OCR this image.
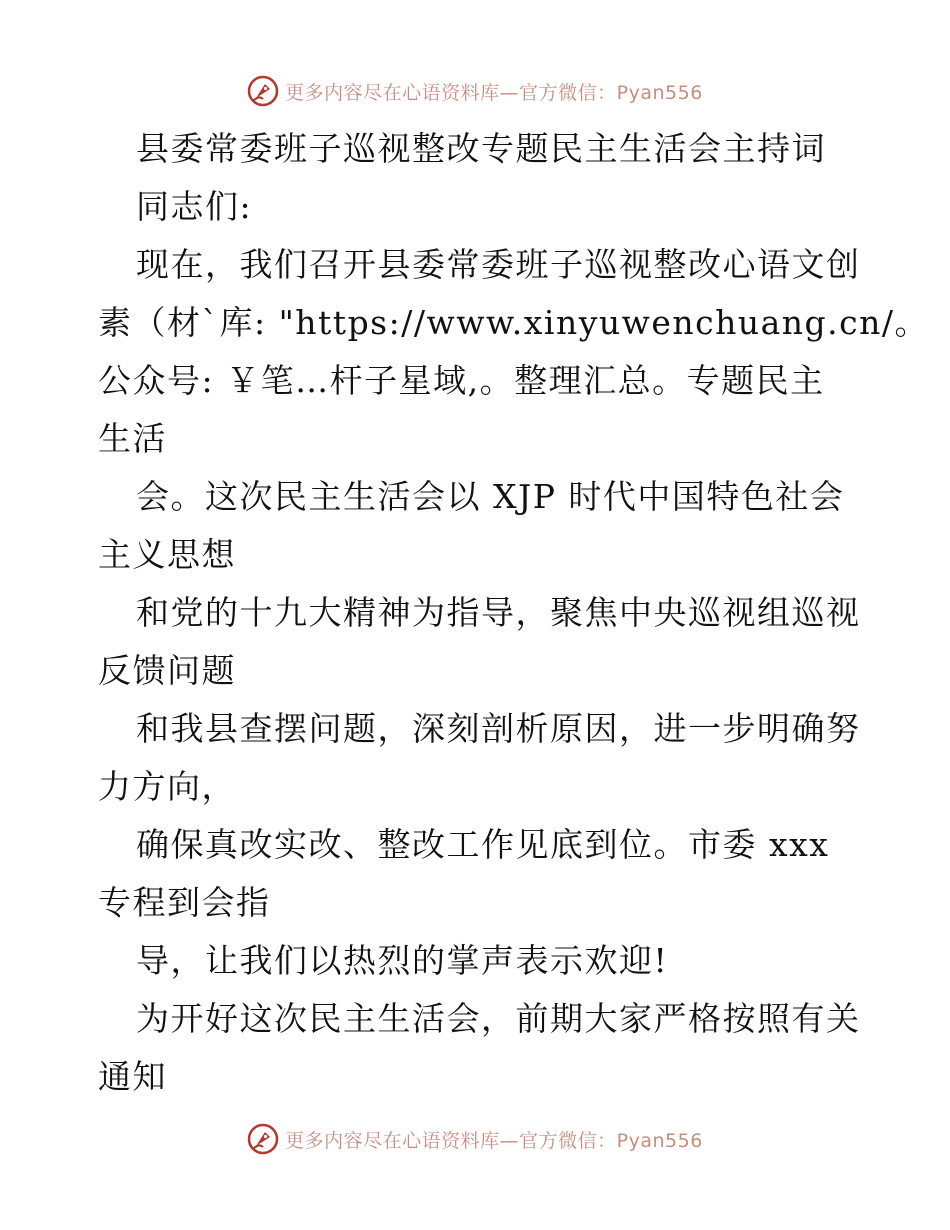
更多内容尽在心语资料库—官方微信：Pyan556
县委常委班子巡视整改专题民主生活会主持词
同志们:
现在，我们召开县委常委班子巡视整改心语文创
素（材`库: "https://www.xinyuwenchuang.cn/。
公众号: ￥笔…杆子星域,。整理汇总。专题民主
生活
会。这次民主生活会以 XJP 时代中国特色社会
主义思想
和党的十九大精神为指导，聚焦中央巡视组巡视
反馈问题
和我县查摆问题，深刻剖析原因，进一步明确努
力方向，
确保真改实改、整改工作见底到位。市委 xxx
专程到会指
导，让我们以热烈的掌声表示欢迎!
为开好这次民主生活会，前期大家严格按照有关
通知
更多内容尽在心语资料库—官方微信：Pyan556
